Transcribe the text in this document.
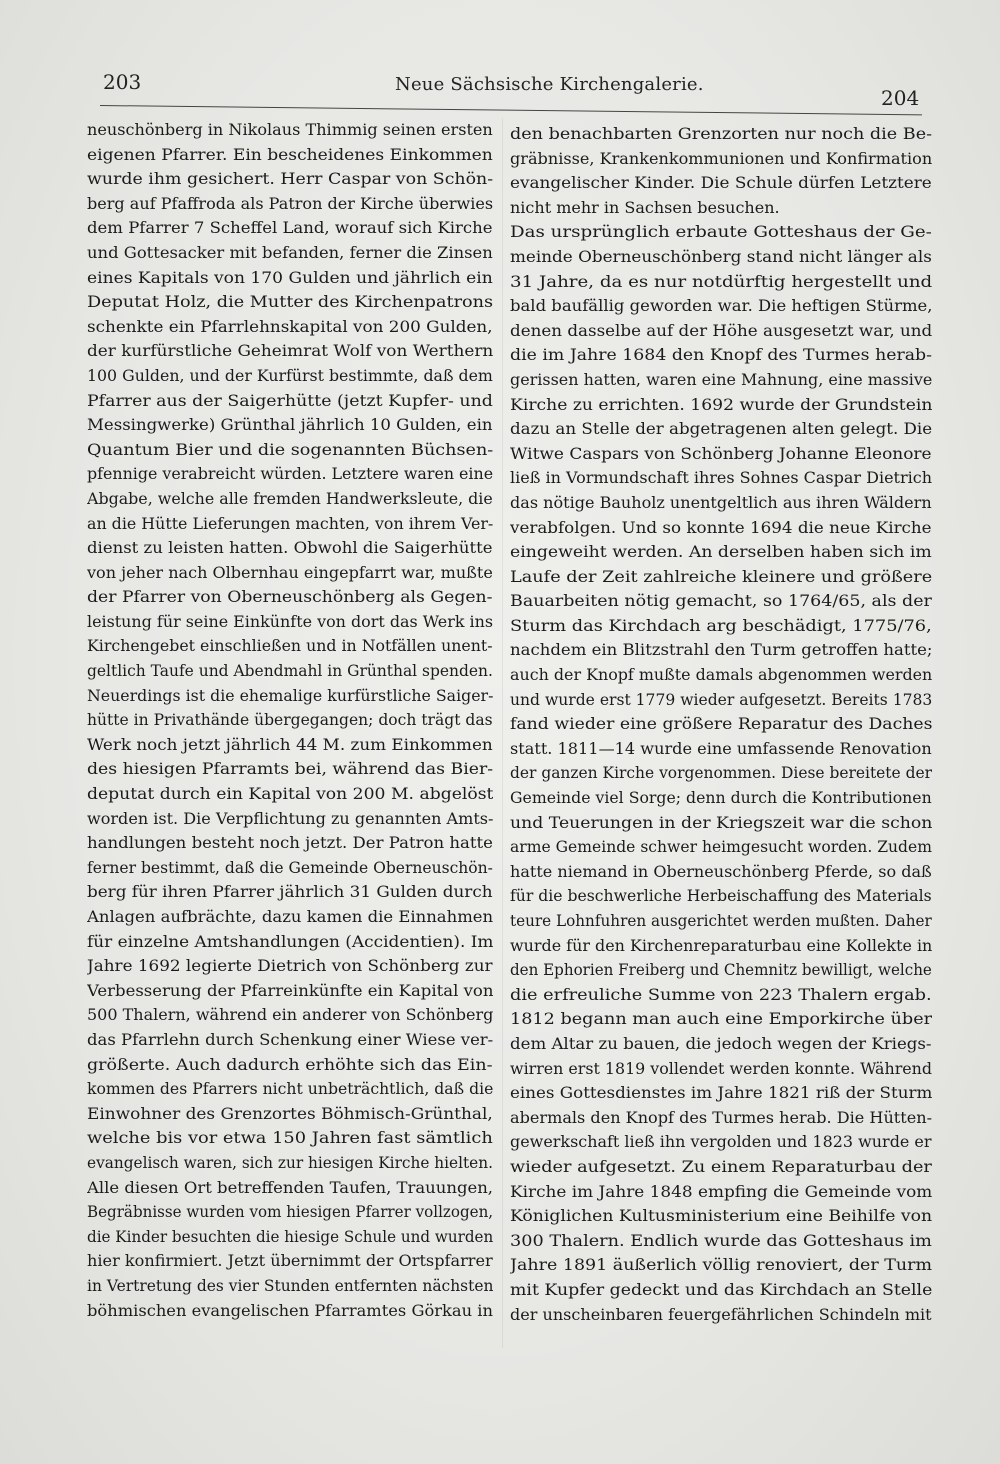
203	Neue Sächsische Kirchengalerie.
204
neuschönberg in Nikolaus Thimmig seinen ersten
eigenen Pfarrer. Ein bescheidenes Einkommen
wurde ihm gesichert. Herr Caspar von Schön-
berg auf Pfaffroda als Patron der Kirche überwies
dem Pfarrer 7 Scheffel Land, worauf sich Kirche
und Gottesacker mit befanden, ferner die Zinsen
eines Kapitals von 170 Gulden und jährlich ein
Deputat Holz, die Mutter des Kirchenpatrons
schenkte ein Pfarrlehnskapital von 200 Gulden,
der kurfürstliche Geheimrat Wolf von Werthern
100 Gulden, und der Kurfürst bestimmte, daß dem
Pfarrer aus der Saigerhütte (jetzt Kupfer- und
Messingwerke) Grünthal jährlich 10 Gulden, ein
Quantum Bier und die sogenannten Büchsen-
pfennige verabreicht würden. Letztere waren eine
Abgabe, welche alle fremden Handwerksleute, die
an die Hütte Lieferungen machten, von ihrem Ver-
dienst zu leisten hatten. Obwohl die Saigerhütte
von jeher nach Olbernhau eingepfarrt war, mußte
der Pfarrer von Oberneuschönberg als Gegen-
leistung für seine Einkünfte von dort das Werk ins
Kirchengebet einschließen und in Notfällen unent-
geltlich Taufe und Abendmahl in Grünthal spenden.
Neuerdings ist die ehemalige kurfürstliche Saiger-
hütte in Privathände übergegangen; doch trägt das
Werk noch jetzt jährlich 44 M. zum Einkommen
des hiesigen Pfarramts bei, während das Bier-
deputat durch ein Kapital von 200 M. abgelöst
worden ist. Die Verpflichtung zu genannten Amts-
handlungen besteht noch jetzt. Der Patron hatte
ferner bestimmt, daß die Gemeinde Oberneuschön-
berg für ihren Pfarrer jährlich 31 Gulden durch
Anlagen aufbrächte, dazu kamen die Einnahmen
für einzelne Amtshandlungen (Accidentien). Im
Jahre 1692 legierte Dietrich von Schönberg zur
Verbesserung der Pfarreinkünfte ein Kapital von
500 Thalern, während ein anderer von Schönberg
das Pfarrlehn durch Schenkung einer Wiese ver-
größerte. Auch dadurch erhöhte sich das Ein-
kommen des Pfarrers nicht unbeträchtlich, daß die
Einwohner des Grenzortes Böhmisch-Grünthal,
welche bis vor etwa 150 Jahren fast sämtlich
evangelisch waren, sich zur hiesigen Kirche hielten.
Alle diesen Ort betreffenden Taufen, Trauungen,
Begräbnisse wurden vom hiesigen Pfarrer vollzogen,
die Kinder besuchten die hiesige Schule und wurden
hier konfirmiert. Jetzt übernimmt der Ortspfarrer
in Vertretung des vier Stunden entfernten nächsten
böhmischen evangelischen Pfarramtes Görkau in
den benachbarten Grenzorten nur noch die Be-
gräbnisse, Krankenkommunionen und Konfirmation
evangelischer Kinder. Die Schule dürfen Letztere
nicht mehr in Sachsen besuchen.
Das ursprünglich erbaute Gotteshaus der Ge-
meinde Oberneuschönberg stand nicht länger als
31 Jahre, da es nur notdürftig hergestellt und
bald baufällig geworden war. Die heftigen Stürme,
denen dasselbe auf der Höhe ausgesetzt war, und
die im Jahre 1684 den Knopf des Turmes herab-
gerissen hatten, waren eine Mahnung, eine massive
Kirche zu errichten. 1692 wurde der Grundstein
dazu an Stelle der abgetragenen alten gelegt. Die
Witwe Caspars von Schönberg Johanne Eleonore
ließ in Vormundschaft ihres Sohnes Caspar Dietrich
das nötige Bauholz unentgeltlich aus ihren Wäldern
verabfolgen. Und so konnte 1694 die neue Kirche
eingeweiht werden. An derselben haben sich im
Laufe der Zeit zahlreiche kleinere und größere
Bauarbeiten nötig gemacht, so 1764/65, als der
Sturm das Kirchdach arg beschädigt, 1775/76,
nachdem ein Blitzstrahl den Turm getroffen hatte;
auch der Knopf mußte damals abgenommen werden
und wurde erst 1779 wieder aufgesetzt. Bereits 1783
fand wieder eine größere Reparatur des Daches
statt. 1811—14 wurde eine umfassende Renovation
der ganzen Kirche vorgenommen. Diese bereitete der
Gemeinde viel Sorge; denn durch die Kontributionen
und Teuerungen in der Kriegszeit war die schon
arme Gemeinde schwer heimgesucht worden. Zudem
hatte niemand in Oberneuschönberg Pferde, so daß
für die beschwerliche Herbeischaffung des Materials
teure Lohnfuhren ausgerichtet werden mußten. Daher
wurde für den Kirchenreparaturbau eine Kollekte in
den Ephorien Freiberg und Chemnitz bewilligt, welche
die erfreuliche Summe von 223 Thalern ergab.
1812 begann man auch eine Emporkirche über
dem Altar zu bauen, die jedoch wegen der Kriegs-
wirren erst 1819 vollendet werden konnte. Während
eines Gottesdienstes im Jahre 1821 riß der Sturm
abermals den Knopf des Turmes herab. Die Hütten-
gewerkschaft ließ ihn vergolden und 1823 wurde er
wieder aufgesetzt. Zu einem Reparaturbau der
Kirche im Jahre 1848 empfing die Gemeinde vom
Königlichen Kultusministerium eine Beihilfe von
300 Thalern. Endlich wurde das Gotteshaus im
Jahre 1891 äußerlich völlig renoviert, der Turm
mit Kupfer gedeckt und das Kirchdach an Stelle
der unscheinbaren feuergefährlichen Schindeln mit
